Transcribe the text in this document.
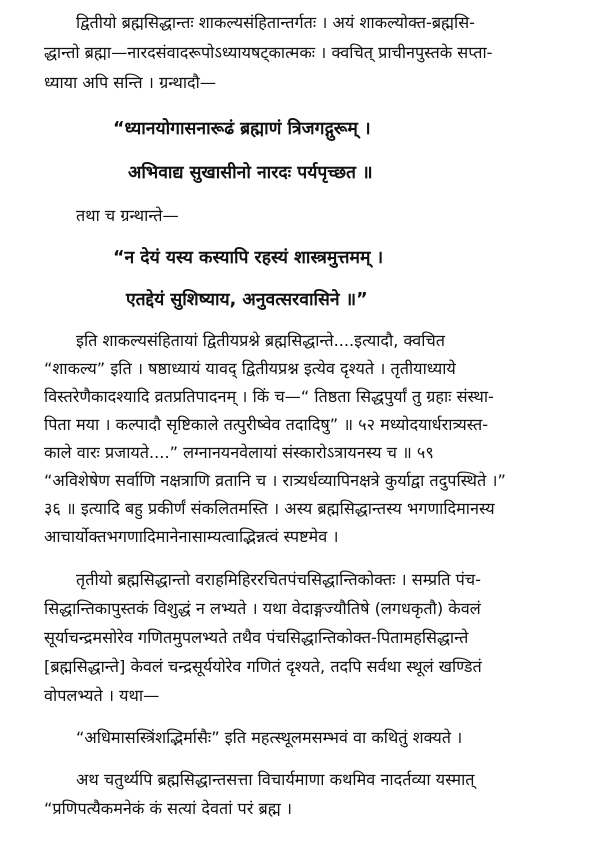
द्वितीयो ब्रह्मसिद्धान्तः शाकल्यसंहितान्तर्गतः । अयं शाकल्योक्त-ब्रह्मसि-
द्धान्तो ब्रह्मा—नारदसंवादरूपोऽध्यायषट्कात्मकः । क्वचित् प्राचीनपुस्तके सप्ता-
ध्याया अपि सन्ति । ग्रन्थादौ—
“ध्यानयोगासनारूढं ब्रह्माणं त्रिजगद्गुरूम् ।
अभिवाद्य सुखासीनो नारदः पर्यपृच्छत ॥
तथा च ग्रन्थान्ते—
“न देयं यस्य कस्यापि रहस्यं शास्त्रमुत्तमम् ।
एतद्देयं सुशिष्याय, अनुवत्सरवासिने ॥”
इति शाकल्यसंहितायां द्वितीयप्रश्ने ब्रह्मसिद्धान्ते....इत्यादौ, क्वचित
“शाकल्य” इति । षष्ठाध्यायं यावद् द्वितीयप्रश्न इत्येव दृश्यते । तृतीयाध्याये
विस्तरेणैकादश्यादि व्रतप्रतिपादनम् । किं च—“ तिष्ठता सिद्धपुर्यां तु ग्रहाः संस्था-
पिता मया । कल्पादौ सृष्टिकाले तत्पुरीष्वेव तदादिषु” ॥ ५२ मध्योदयार्धरात्र्यस्त-
काले वारः प्रजायते....” लग्नानयनवेलायां संस्कारोऽत्रायनस्य च ॥ ५९
“अविशेषेण सर्वाणि नक्षत्राणि व्रतानि च । रात्र्यर्धव्यापिनक्षत्रे कुर्याद्वा तदुपस्थिते ।”
३६ ॥ इत्यादि बहु प्रकीर्णं संकलितमस्ति । अस्य ब्रह्मसिद्धान्तस्य भगणादिमानस्य
आचार्योक्तभगणादिमानेनासाम्यत्वाद्भिन्नत्वं स्पष्टमेव ।
तृतीयो ब्रह्मसिद्धान्तो वराहमिहिररचितपंचसिद्धान्तिकोक्तः । सम्प्रति पंच-
सिद्धान्तिकापुस्तकं विशुद्धं न लभ्यते । यथा वेदाङ्गज्यौतिषे (लगधकृतौ) केवलं
सूर्याचन्द्रमसोरेव गणितमुपलभ्यते तथैव पंचसिद्धान्तिकोक्त-पितामहसिद्धान्ते
[ब्रह्मसिद्धान्ते] केवलं चन्द्रसूर्ययोरेव गणितं दृश्यते, तदपि सर्वथा स्थूलं खण्डितं
वोपलभ्यते । यथा—
“अधिमासस्त्रिंशद्भिर्मासैः” इति महत्स्थूलमसम्भवं वा कथितुं शक्यते ।
अथ चतुर्थ्यपि ब्रह्मसिद्धान्तसत्ता विचार्यमाणा कथमिव नादर्तव्या यस्मात्
“प्रणिपत्यैकमनेकं कं सत्यां देवतां परं ब्रह्म ।
